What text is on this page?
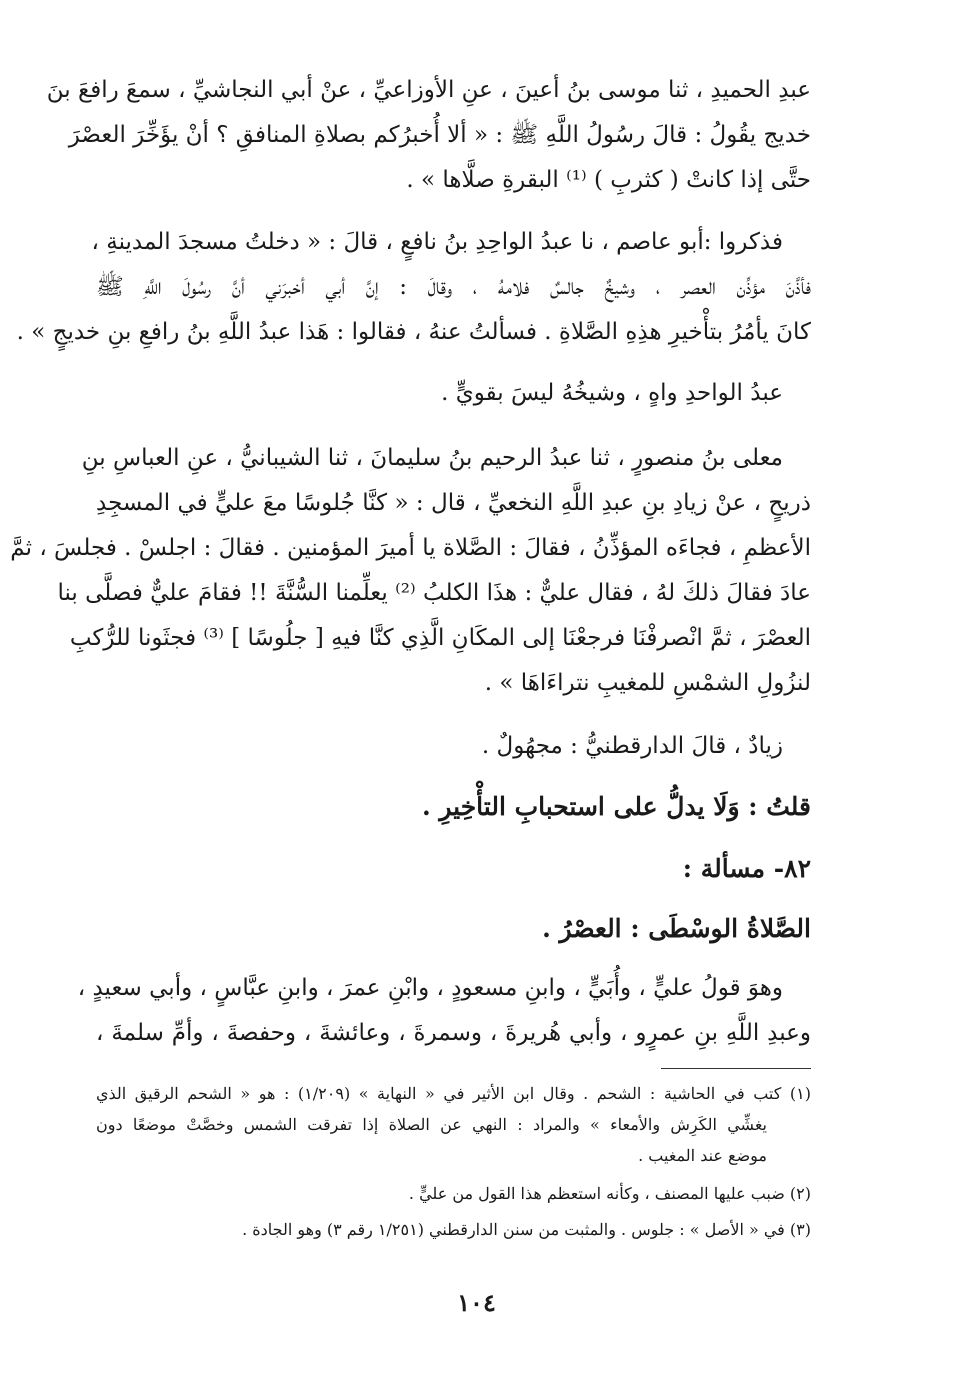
عبدِ الحميدِ ، ثنا موسى بنُ أعينَ ، عنِ الأوزاعيِّ ، عنْ أبي النجاشيِّ ، سمعَ رافعَ بنَ
خديج يقُولُ : قالَ رسُولُ اللَّهِ ﷺ : « ألا أُخبرُكم بصلاةِ المنافقِ ؟ أنْ يؤَخِّرَ العصْرَ
حتَّى إذا كانتْ ( كثربِ ) ⁽¹⁾ البقرةِ صلَّاها » .
فذكروا :أبو عاصم ، نا عبدُ الواحِدِ بنُ نافعٍ ، قالَ : « دخلتُ مسجدَ المدينةِ ،
فأذَّنَ مؤذِّن العصر ، وشيخٌ جالسٌ فلامهُ ، وقالَ : إنَّ أبي أخبرَني أنَّ رسُولَ اللَّهِ ﷺ
كانَ يأمُرُ بتأْخيرِ هذِهِ الصَّلاةِ . فسألتُ عنهُ ، فقالوا : هَذا عبدُ اللَّهِ بنُ رافعِ بنِ خديجٍ » .
عبدُ الواحدِ واهٍ ، وشيخُهُ ليسَ بقويٍّ .
معلى بنُ منصورٍ ، ثنا عبدُ الرحيم بنُ سليمانَ ، ثنا الشيبانيُّ ، عنِ العباسِ بنِ
ذريحٍ ، عنْ زيادِ بنِ عبدِ اللَّهِ النخعيِّ ، قال : « كنَّا جُلوسًا معَ عليٍّ في المسجِدِ
الأعظمِ ، فجاءَه المؤذِّنُ ، فقالَ : الصَّلاة يا أميرَ المؤمنين . فقالَ : اجلسْ . فجلسَ ، ثمَّ
عادَ فقالَ ذلكَ لهُ ، فقال عليٌّ : هذَا الكلبُ ⁽²⁾ يعلِّمنا السُّنَّةَ !! فقامَ عليٌّ فصلَّى بنا
العصْرَ ، ثمَّ انْصرفْنَا فرجعْنَا إلى المكَانِ الَّذِي كنَّا فيهِ [ جلُوسًا ] ⁽³⁾ فجثَونا للرُّكبِ
لنزُولِ الشمْسِ للمغيبِ نتراءَاهَا » .
زيادٌ ، قالَ الدارقطنيُّ : مجهُولٌ .
قلتُ : وَلَا يدلُّ على استحبابِ التأْخِيرِ .
٨٢- مسألة :
الصَّلاةُ الوسْطَى : العصْرُ .
وهوَ قولُ عليٍّ ، وأُبَيٍّ ، وابنِ مسعودٍ ، وابْنِ عمرَ ، وابنِ عبَّاسٍ ، وأبي سعيدٍ ،
وعبدِ اللَّهِ بنِ عمرٍو ، وأبي هُريرةَ ، وسمرةَ ، وعائشةَ ، وحفصةَ ، وأمِّ سلمةَ ،
(١) كتب في الحاشية : الشحم . وقال ابن الأثير في « النهاية » (١/٢٠٩) : هو « الشحم الرقيق الذي
يغشِّي الكَرِش والأمعاء » والمراد : النهي عن الصلاة إذا تفرقت الشمس وخصَّتْ موضعًا دون
موضع عند المغيب .
(٢) ضبب عليها المصنف ، وكأنه استعظم هذا القول من عليٍّ .
(٣) في « الأصل » : جلوس . والمثبت من سنن الدارقطني (١/٢٥١ رقم ٣) وهو الجادة .
١٠٤
